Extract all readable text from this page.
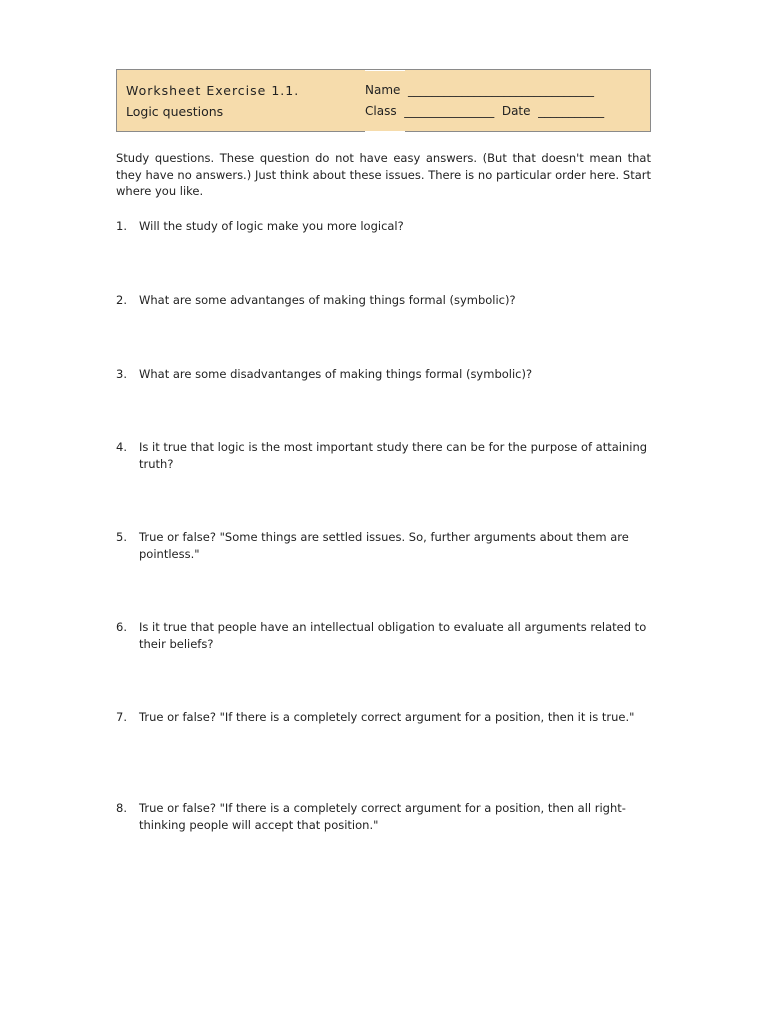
Worksheet Exercise 1.1.
Logic questions
Name  _______________________________
Class  _______________  Date  ___________

Study questions. These question do not have easy answers. (But that doesn't mean that they have no answers.) Just think about these issues. There is no particular order here. Start where you like.

1. Will the study of logic make you more logical?
2. What are some advantanges of making things formal (symbolic)?
3. What are some disadvantanges of making things formal (symbolic)?
4. Is it true that logic is the most important study there can be for the purpose of attaining truth?
5. True or false? "Some things are settled issues. So, further arguments about them are pointless."
6. Is it true that people have an intellectual obligation to evaluate all arguments related to their beliefs?
7. True or false? "If there is a completely correct argument for a position, then it is true."
8. True or false? "If there is a completely correct argument for a position, then all right-thinking people will accept that position."
